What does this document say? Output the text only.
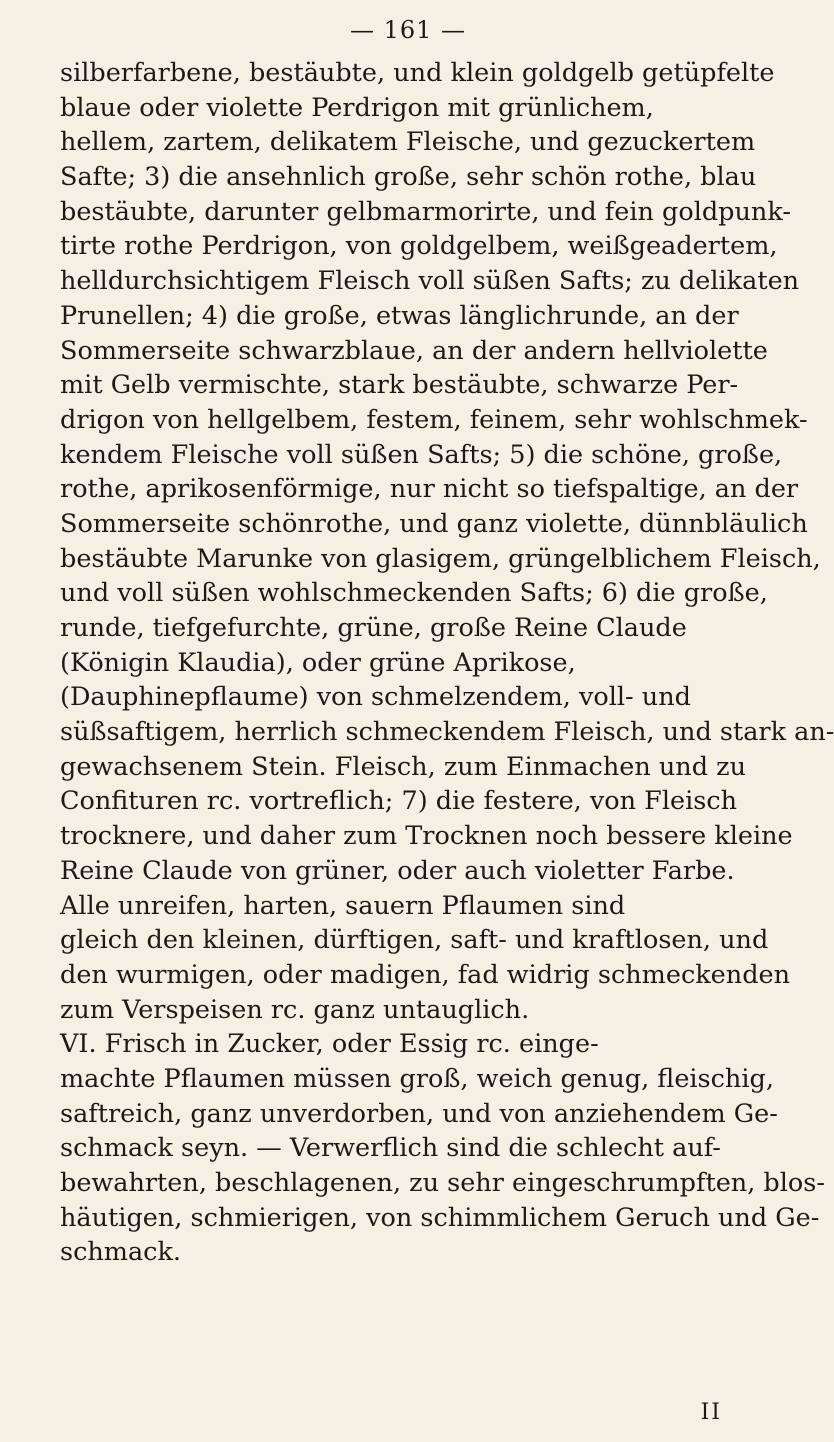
— 161 —
silberfarbene, bestäubte, und klein goldgelb getüpfelte
blaue oder violette Perdrigon mit grünlichem,
hellem, zartem, delikatem Fleische, und gezuckertem
Safte; 3) die ansehnlich große, sehr schön rothe, blau
bestäubte, darunter gelbmarmorirte, und fein goldpunk-
tirte rothe Perdrigon, von goldgelbem, weißgeadertem,
helldurchsichtigem Fleisch voll süßen Safts; zu delikaten
Prunellen; 4) die große, etwas länglichrunde, an der
Sommerseite schwarzblaue, an der andern hellviolette
mit Gelb vermischte, stark bestäubte, schwarze Per-
drigon von hellgelbem, festem, feinem, sehr wohlschmek-
kendem Fleische voll süßen Safts; 5) die schöne, große,
rothe, aprikosenförmige, nur nicht so tiefspaltige, an der
Sommerseite schönrothe, und ganz violette, dünnbläulich
bestäubte Marunke von glasigem, grüngelblichem Fleisch,
und voll süßen wohlschmeckenden Safts; 6) die große,
runde, tiefgefurchte, grüne, große Reine Claude
(Königin Klaudia), oder grüne Aprikose,
(Dauphinepflaume) von schmelzendem, voll- und
süßsaftigem, herrlich schmeckendem Fleisch, und stark an-
gewachsenem Stein. Fleisch, zum Einmachen und zu
Confituren rc. vortreflich; 7) die festere, von Fleisch
trocknere, und daher zum Trocknen noch bessere kleine
Reine Claude von grüner, oder auch violetter Farbe.
Alle unreifen, harten, sauern Pflaumen sind
gleich den kleinen, dürftigen, saft- und kraftlosen, und
den wurmigen, oder madigen, fad widrig schmeckenden
zum Verspeisen rc. ganz untauglich.
VI. Frisch in Zucker, oder Essig rc. einge-
machte Pflaumen müssen groß, weich genug, fleischig,
saftreich, ganz unverdorben, und von anziehendem Ge-
schmack seyn. — Verwerflich sind die schlecht auf-
bewahrten, beschlagenen, zu sehr eingeschrumpften, blos-
häutigen, schmierigen, von schimmlichem Geruch und Ge-
schmack.
II
